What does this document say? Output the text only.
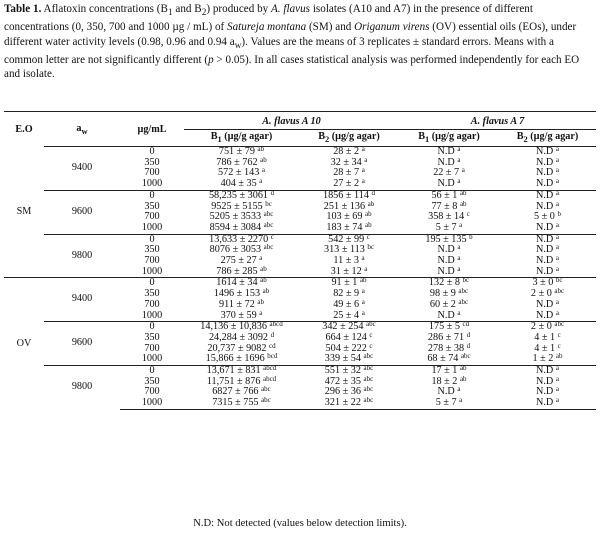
Table 1. Aflatoxin concentrations ($B_1$ and $B_2$) produced by A. flavus isolates (A10 and A7) in the presence of different concentrations (0, 350, 700 and 1000 µg / mL) of Satureja montana (SM) and Origanum virens (OV) essential oils (EOs), under different water activity levels (0.98, 0.96 and 0.94 $a_w$). Values are the means of 3 replicates ± standard errors. Means with a common letter are not significantly different (p > 0.05). In all cases statistical analysis was performed independently for each EO and isolate.
E.O	$a_w$	µg/mL	A. flavus A 10		A. flavus A 7	
			$B_1$ (µg/g agar)	$B_2$ (µg/g agar)	$B_1$ (µg/g agar)	$B_2$ (µg/g agar)
SM	9400	0	751 ± 79 $^{ab}$	28 ± 2 $^a$	N.D $^a$	N.D $^a$
		350	786 ± 762 $^{ab}$	32 ± 34 $^a$	N.D $^a$	N.D $^a$
		700	572 ± 143 $^a$	28 ± 7 $^a$	22 ± 7 $^a$	N.D $^a$
		1000	404 ± 35 $^a$	27 ± 2 $^a$	N.D $^a$	N.D $^a$
	9600	0	58,235 ± 3061 $^d$	1856 ± 114 $^d$	56 ± 1 $^{ab}$	N.D $^a$
		350	9525 ± 5155 $^{bc}$	251 ± 136 $^{ab}$	77 ± 8 $^{ab}$	N.D $^a$
		700	5205 ± 3533 $^{abc}$	103 ± 69 $^{ab}$	358 ± 14 $^c$	5 ± 0 $^b$
		1000	8594 ± 3084 $^{abc}$	183 ± 74 $^{ab}$	5 ± 7 $^a$	N.D $^a$
	9800	0	13,633 ± 2270 $^c$	542 ± 99 $^c$	195 ± 135 $^b$	N.D $^a$
		350	8076 ± 3053 $^{abc}$	313 ± 113 $^{bc}$	N.D $^a$	N.D $^a$
		700	275 ± 27 $^a$	11 ± 3 $^a$	N.D $^a$	N.D $^a$
		1000	786 ± 285 $^{ab}$	31 ± 12 $^a$	N.D $^a$	N.D $^a$
OV	9400	0	1614 ± 34 $^{ab}$	91 ± 1 $^{ab}$	132 ± 8 $^{bc}$	3 ± 0 $^{bc}$
		350	1496 ± 153 $^{ab}$	82 ± 9 $^a$	98 ± 9 $^{abc}$	2 ± 0 $^{abc}$
		700	911 ± 72 $^{ab}$	49 ± 6 $^a$	60 ± 2 $^{abc}$	N.D $^a$
		1000	370 ± 59 $^a$	25 ± 4 $^a$	N.D $^a$	N.D $^a$
	9600	0	14,136 ± 10,836 $^{abcd}$	342 ± 254 $^{abc}$	175 ± 5 $^{cd}$	2 ± 0 $^{abc}$
		350	24,284 ± 3092 $^d$	664 ± 124 $^c$	286 ± 71 $^d$	4 ± 1 $^c$
		700	20,737 ± 9082 $^{cd}$	504 ± 222 $^c$	278 ± 38 $^d$	4 ± 1 $^c$
		1000	15,866 ± 1696 $^{bcd}$	339 ± 54 $^{abc}$	68 ± 74 $^{abc}$	1 ± 2 $^{ab}$
	9800	0	13,671 ± 831 $^{abcd}$	551 ± 32 $^{abc}$	17 ± 1 $^{ab}$	N.D $^a$
		350	11,751 ± 876 $^{abcd}$	472 ± 35 $^{abc}$	18 ± 2 $^{ab}$	N.D $^a$
		700	6827 ± 766 $^{abc}$	296 ± 36 $^{abc}$	N.D $^a$	N.D $^a$
		1000	7315 ± 755 $^{abc}$	321 ± 22 $^{abc}$	5 ± 7 $^a$	N.D $^a$
N.D: Not detected (values below detection limits).
